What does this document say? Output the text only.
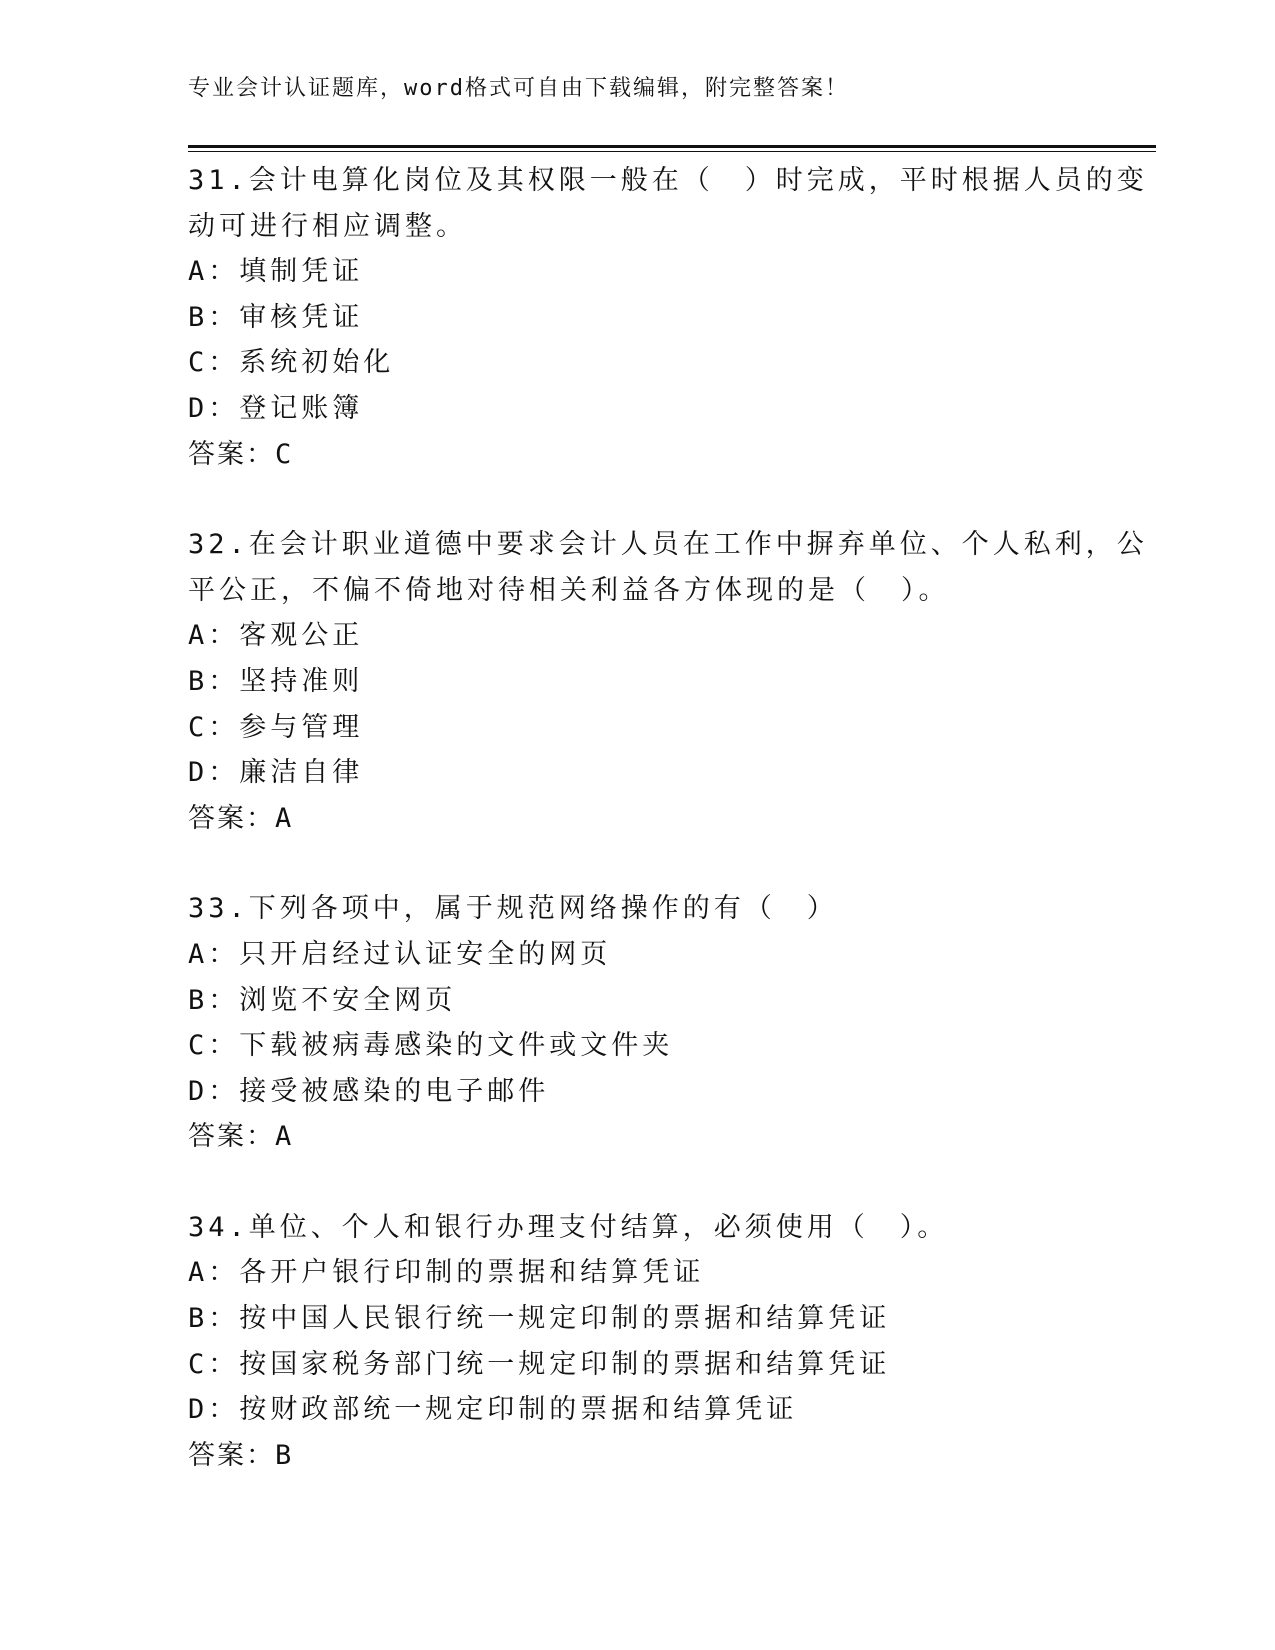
专业会计认证题库，word格式可自由下载编辑，附完整答案！
31.会计电算化岗位及其权限一般在（　）时完成，平时根据人员的变
动可进行相应调整。
A：填制凭证
B：审核凭证
C：系统初始化
D：登记账簿
答案：C
32.在会计职业道德中要求会计人员在工作中摒弃单位、个人私利，公
平公正，不偏不倚地对待相关利益各方体现的是（　）。
A：客观公正
B：坚持准则
C：参与管理
D：廉洁自律
答案：A
33.下列各项中，属于规范网络操作的有（　）
A：只开启经过认证安全的网页
B：浏览不安全网页
C：下载被病毒感染的文件或文件夹
D：接受被感染的电子邮件
答案：A
34.单位、个人和银行办理支付结算，必须使用（　）。
A：各开户银行印制的票据和结算凭证
B：按中国人民银行统一规定印制的票据和结算凭证
C：按国家税务部门统一规定印制的票据和结算凭证
D：按财政部统一规定印制的票据和结算凭证
答案：B
